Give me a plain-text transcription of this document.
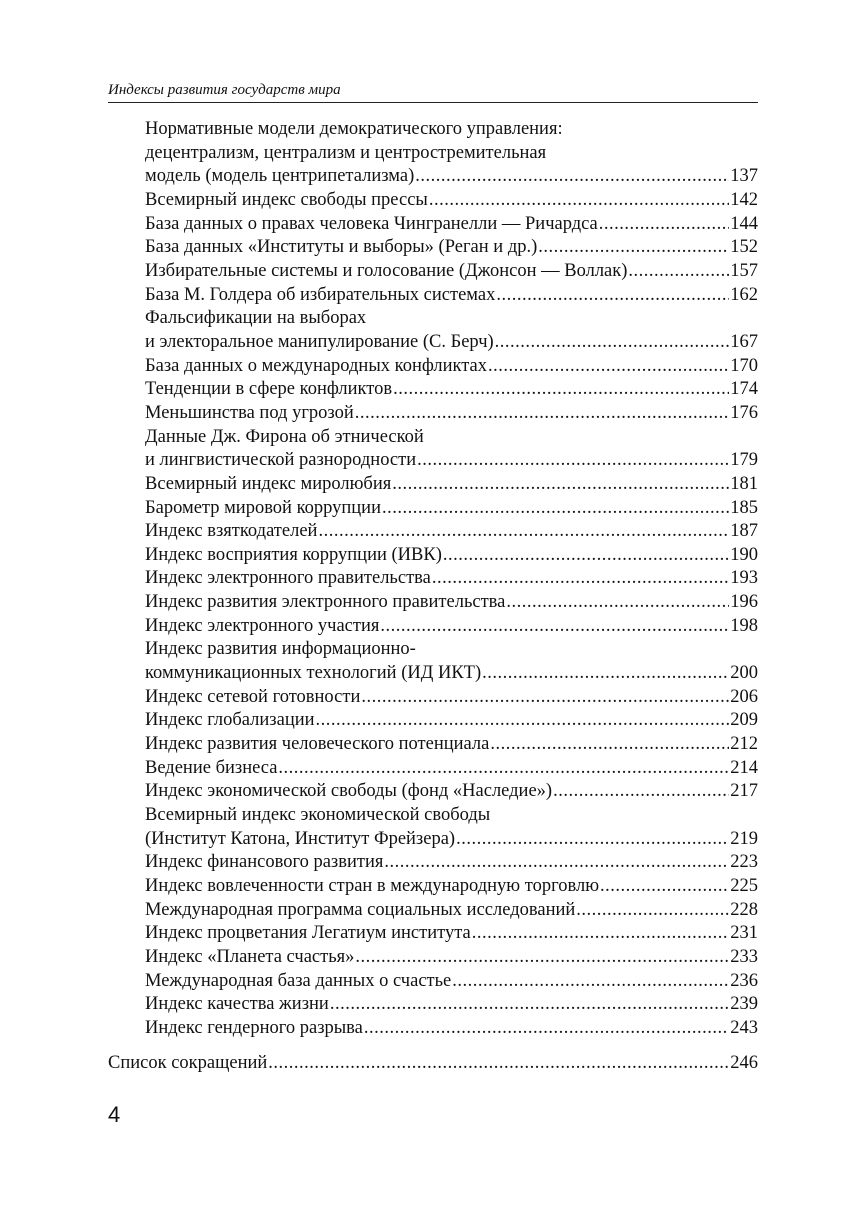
Индексы развития государств мира
Нормативные модели демократического управления:
децентрализм, централизм и центростремительная
модель (модель центрипетализма) .....	137
Всемирный индекс свободы прессы .....	142
База данных о правах человека Чингранелли — Ричардса .....	144
База данных «Институты и выборы» (Реган и др.) .....	152
Избирательные системы и голосование (Джонсон — Воллак) .....	157
База М. Голдера об избирательных системах .....	162
Фальсификации на выборах
и электоральное манипулирование (С. Берч) .....	167
База данных о международных конфликтах .....	170
Тенденции в сфере конфликтов .....	174
Меньшинства под угрозой .....	176
Данные Дж. Фирона об этнической
и лингвистической разнородности .....	179
Всемирный индекс миролюбия .....	181
Барометр мировой коррупции .....	185
Индекс взяткодателей .....	187
Индекс восприятия коррупции (ИВК) .....	190
Индекс электронного правительства .....	193
Индекс развития электронного правительства .....	196
Индекс электронного участия .....	198
Индекс развития информационно-
коммуникационных технологий (ИД ИКТ) .....	200
Индекс сетевой готовности .....	206
Индекс глобализации .....	209
Индекс развития человеческого потенциала .....	212
Ведение бизнеса .....	214
Индекс экономической свободы (фонд «Наследие») .....	217
Всемирный индекс экономической свободы
(Институт Катона, Институт Фрейзера) .....	219
Индекс финансового развития .....	223
Индекс вовлеченности стран в международную торговлю .....	225
Международная программа социальных исследований .....	228
Индекс процветания Легатиум института .....	231
Индекс «Планета счастья» .....	233
Международная база данных о счастье .....	236
Индекс качества жизни .....	239
Индекс гендерного разрыва .....	243
Список сокращений .....	246
4
